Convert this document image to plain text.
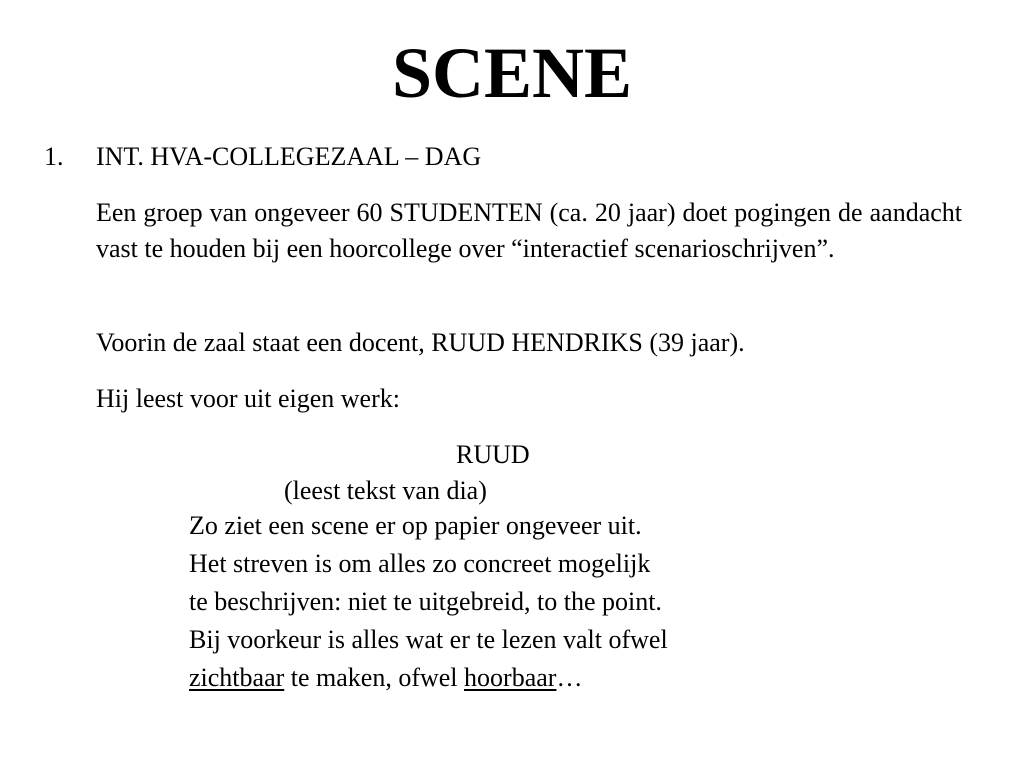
SCENE
1. INT. HVA-COLLEGEZAAL – DAG

Een groep van ongeveer 60 STUDENTEN (ca. 20 jaar) doet pogingen de aandacht vast te houden bij een hoorcollege over “interactief scenarioschrijven”.

Voorin de zaal staat een docent, RUUD HENDRIKS (39 jaar).

Hij leest voor uit eigen werk:

RUUD
(leest tekst van dia)
Zo ziet een scene er op papier ongeveer uit.
Het streven is om alles zo concreet mogelijk
te beschrijven: niet te uitgebreid, to the point.
Bij voorkeur is alles wat er te lezen valt ofwel
zichtbaar te maken, ofwel hoorbaar…
